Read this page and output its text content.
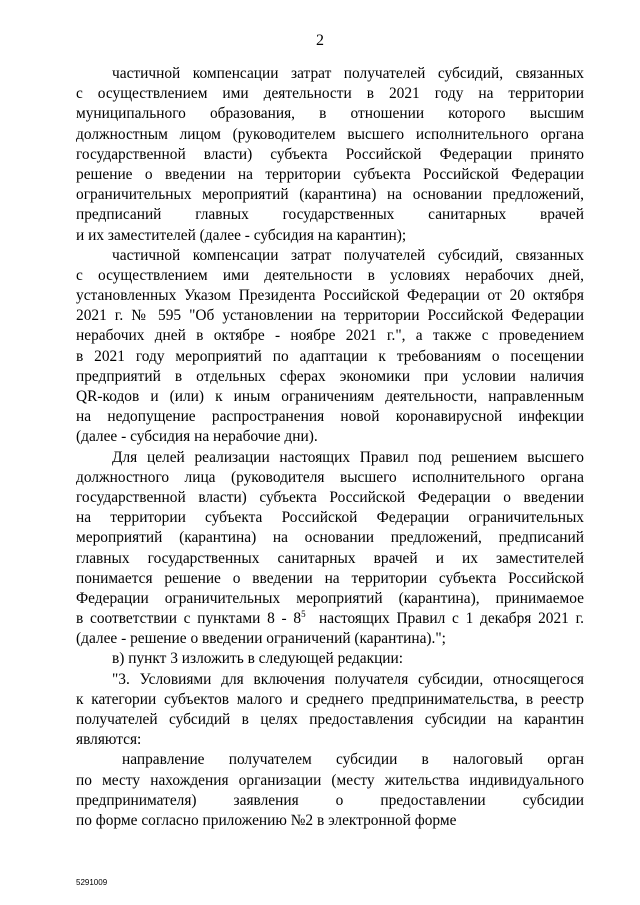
2
частичной компенсации затрат получателей субсидий, связанных
с осуществлением ими деятельности в 2021 году на территории
муниципального образования, в отношении которого высшим
должностным лицом (руководителем высшего исполнительного органа
государственной власти) субъекта Российской Федерации принято
решение о введении на территории субъекта Российской Федерации
ограничительных мероприятий (карантина) на основании предложений,
предписаний главных государственных санитарных врачей
и их заместителей (далее - субсидия на карантин);
частичной компенсации затрат получателей субсидий, связанных
с осуществлением ими деятельности в условиях нерабочих дней,
установленных Указом Президента Российской Федерации от 20 октября
2021 г. № 595 "Об установлении на территории Российской Федерации
нерабочих дней в октябре - ноябре 2021 г.", а также с проведением
в 2021 году мероприятий по адаптации к требованиям о посещении
предприятий в отдельных сферах экономики при условии наличия
QR-кодов и (или) к иным ограничениям деятельности, направленным
на недопущение распространения новой коронавирусной инфекции
(далее - субсидия на нерабочие дни).
Для целей реализации настоящих Правил под решением высшего
должностного лица (руководителя высшего исполнительного органа
государственной власти) субъекта Российской Федерации о введении
на территории субъекта Российской Федерации ограничительных
мероприятий (карантина) на основании предложений, предписаний
главных государственных санитарных врачей и их заместителей
понимается решение о введении на территории субъекта Российской
Федерации ограничительных мероприятий (карантина), принимаемое
в соответствии с пунктами $8 - 8^5$  настоящих Правил с 1 декабря 2021 г.
(далее - решение о введении ограничений (карантина).";
в) пункт 3 изложить в следующей редакции:
"3. Условиями для включения получателя субсидии, относящегося
к категории субъектов малого и среднего предпринимательства, в реестр
получателей субсидий в целях предоставления субсидии на карантин
являются:
направление получателем субсидии в налоговый орган
по месту нахождения организации (месту жительства индивидуального
предпринимателя) заявления о предоставлении субсидии
по форме согласно приложению №2 в электронной форме
5291009
